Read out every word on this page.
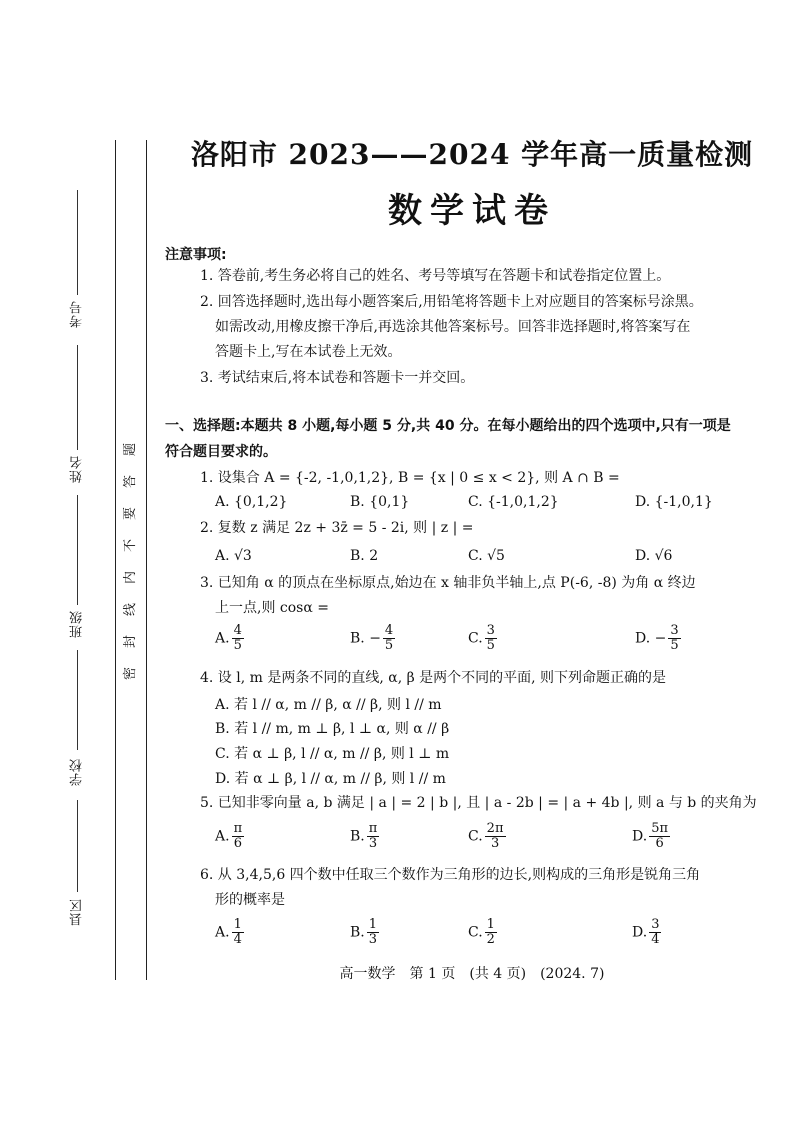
考号
姓名
班级
学校
县区
题
答
要
不
内
线
封
密
洛阳市 2023——2024 学年高一质量检测
数学试卷
注意事项:
1. 答卷前,考生务必将自己的姓名、考号等填写在答题卡和试卷指定位置上。
2. 回答选择题时,选出每小题答案后,用铅笔将答题卡上对应题目的答案标号涂黑。
如需改动,用橡皮擦干净后,再选涂其他答案标号。回答非选择题时,将答案写在
答题卡上,写在本试卷上无效。
3. 考试结束后,将本试卷和答题卡一并交回。
一、选择题:本题共 8 小题,每小题 5 分,共 40 分。在每小题给出的四个选项中,只有一项是
符合题目要求的。
1. 设集合 A = {-2, -1,0,1,2}, B = {x | 0 ≤ x < 2}, 则 A ∩ B =
A. {0,1,2}	B. {0,1}	C. {-1,0,1,2}	D. {-1,0,1}
2. 复数 z 满足 2z + 3z̄ = 5 - 2i, 则 | z | =
A. √3	B. 2	C. √5	D. √6
3. 已知角 α 的顶点在坐标原点,始边在 x 轴非负半轴上,点 P(-6, -8) 为角 α 终边
上一点,则 cosα =
A. $\frac{4}{5}$	B. − $\frac{4}{5}$	C. $\frac{3}{5}$	D. − $\frac{3}{5}$
4. 设 l, m 是两条不同的直线, α, β 是两个不同的平面, 则下列命题正确的是
A. 若 l // α, m // β, α // β, 则 l // m
B. 若 l // m, m ⊥ β, l ⊥ α, 则 α // β
C. 若 α ⊥ β, l // α, m // β, 则 l ⊥ m
D. 若 α ⊥ β, l // α, m // β, 则 l // m
5. 已知非零向量 a, b 满足 | a | = 2 | b |, 且 | a - 2b | = | a + 4b |, 则 a 与 b 的夹角为
A. $\frac{\pi}{6}$	B. $\frac{\pi}{3}$	C. $\frac{2\pi}{3}$	D. $\frac{5\pi}{6}$
6. 从 3,4,5,6 四个数中任取三个数作为三角形的边长,则构成的三角形是锐角三角
形的概率是
A. $\frac{1}{4}$	B. $\frac{1}{3}$	C. $\frac{1}{2}$	D. $\frac{3}{4}$
高一数学　第 1 页　(共 4 页)　(2024. 7)
